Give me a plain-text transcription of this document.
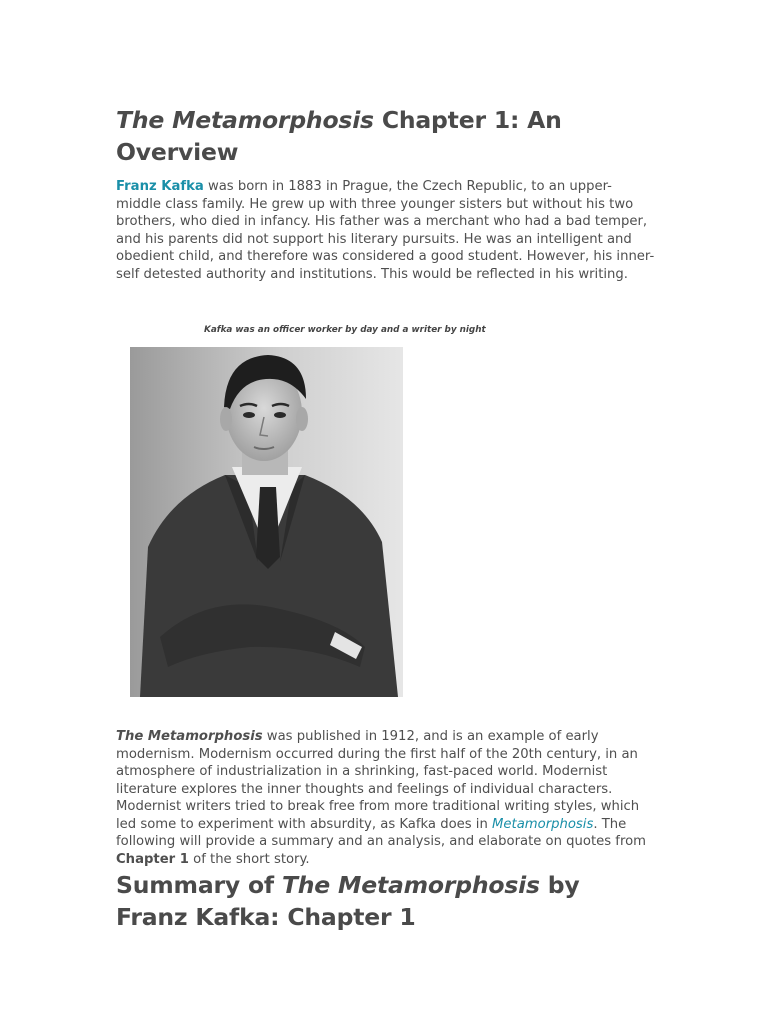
The Metamorphosis Chapter 1: An Overview

Franz Kafka was born in 1883 in Prague, the Czech Republic, to an upper-middle class family. He grew up with three younger sisters but without his two brothers, who died in infancy. His father was a merchant who had a bad temper, and his parents did not support his literary pursuits. He was an intelligent and obedient child, and therefore was considered a good student. However, his inner-self detested authority and institutions. This would be reflected in his writing.

Kafka was an officer worker by day and a writer by night

The Metamorphosis was published in 1912, and is an example of early modernism. Modernism occurred during the first half of the 20th century, in an atmosphere of industrialization in a shrinking, fast-paced world. Modernist literature explores the inner thoughts and feelings of individual characters. Modernist writers tried to break free from more traditional writing styles, which led some to experiment with absurdity, as Kafka does in Metamorphosis. The following will provide a summary and an analysis, and elaborate on quotes from Chapter 1 of the short story.

Summary of The Metamorphosis by Franz Kafka: Chapter 1
